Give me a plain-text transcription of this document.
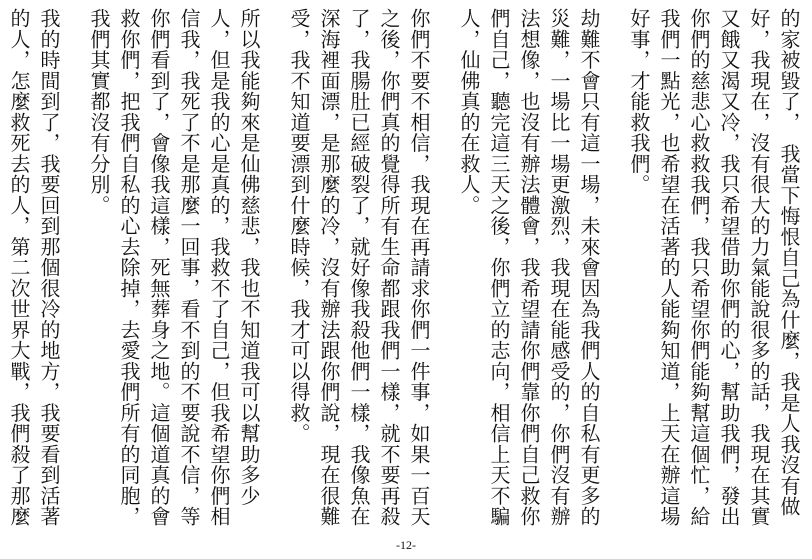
的家被毀了，　我當下悔恨自己為什麼，我是人我沒有做
好，我現在，沒有很大的力氣能說很多的話，我現在其實
又餓又渴又冷，我只希望借助你們的心，幫助我們，發出
你們的慈悲心救救我們，我只希望你們能夠幫這個忙，給
我們一點光，也希望在活著的人能夠知道，上天在辦這場
好事，才能救我們。
劫難不會只有這一場，未來會因為我們人的自私有更多的
災難，一場比一場更激烈，我現在能感受的，你們沒有辦
法想像，也沒有辦法體會，我希望請你們靠你們自己救你
們自己，聽完這三天之後，你們立的志向，相信上天不騙
人，仙佛真的在救人。
你們不要不相信，我現在再請求你們一件事，如果一百天
之後，你們真的覺得所有生命都跟我們一樣，就不要再殺
了，我腸肚已經破裂了，就好像我殺他們一樣，我像魚在
深海裡面漂，是那麼的冷，沒有辦法跟你們說，現在很難
受，我不知道要漂到什麼時候，我才可以得救。
所以我能夠來是仙佛慈悲，我也不知道我可以幫助多少
人，但是我的心是真的，我救不了自己，但我希望你們相
信我，我死了不是那麼一回事，看不到的不要說不信，等
你們看到了，會像我這樣，死無葬身之地。這個道真的會
救你們，把我們自私的心去除掉，去愛我們所有的同胞，
我們其實都沒有分別。
我的時間到了，我要回到那個很冷的地方，我要看到活著
的人，怎麼救死去的人，第二次世界大戰，我們殺了那麼
-12-
